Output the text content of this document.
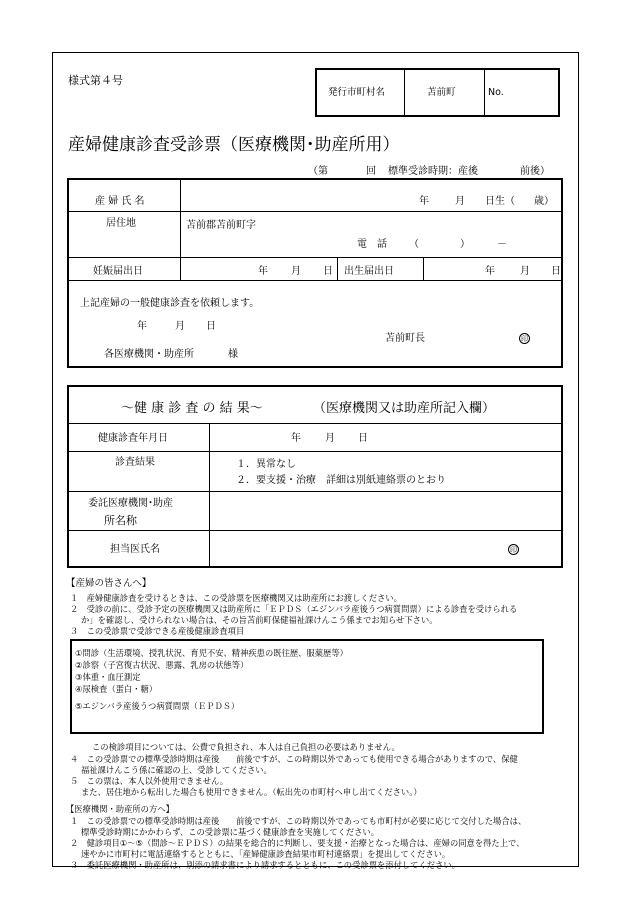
様式第４号
発行市町村名	苫前町	No.
産婦健康診査受診票（医療機関･助産所用）
（第	回 標準受診時期：産後	前後）
産 婦 氏 名	年	月 日生（ 歳）
居住地	苫前郡苫前町字
電　話 （	）	－
妊娠届出日	年 月 日 出生届出日	年	月 日
上記産婦の一般健康診査を依頼します。
年	月 日
苫前町長	印
各医療機関・助産所	様
～健 康 診 査 の 結 果～	（医療機関又は助産所記入欄）
健康診査年月日	年 月 日
診査結果	１．異常なし
２．要支援・治療　詳細は別紙連絡票のとおり
委託医療機関･助産
所名称
担当医氏名	印
【産婦の皆さんへ】
１　産婦健康診査を受けるときは、この受診票を医療機関又は助産所にお渡しください。
２　受診の前に、受診予定の医療機関又は助産所に「ＥＰＤＳ（エジンバラ産後うつ病質問票）による診査を受けられる
か」を確認し、受けられない場合は、その旨苫前町保健福祉課けんこう係までお知らせ下さい。
３　この受診票で受診できる産後健康診査項目
①問診（生活環境、授乳状況、育児不安、精神疾患の既往歴、服薬歴等）
②診察（子宮復古状況、悪露、乳房の状態等）
③体重・血圧測定
④尿検査（蛋白・糖）
⑤エジンバラ産後うつ病質問票（ＥＰＤＳ）
この検診項目については、公費で負担され、本人は自己負担の必要はありません。
４　この受診票での標準受診時期は産後　　前後ですが、この時期以外であっても使用できる場合がありますので、保健
福祉課けんこう係に確認の上、受診してください。
５　この票は、本人以外使用できません。
また、居住地から転出した場合も使用できません。（転出先の市町村へ申し出てください。）
【医療機関・助産所の方へ】
１　この受診票での標準受診時期は産後　　前後ですが、この時期以外であっても市町村が必要に応じて交付した場合は、
標準受診時期にかかわらず、この受診票に基づく健康診査を実施してください。
２　健診項目①～⑤（問診～ＥＰＤＳ）の結果を総合的に判断し、要支援・治療となった場合は、産婦の同意を得た上で、
速やかに市町村に電話連絡するとともに、「産婦健康診査結果市町村連絡票」を提出してください。
３　委託医療機関・助産所は、別添の請求書により請求するとともに、この受診票を添付してください。
